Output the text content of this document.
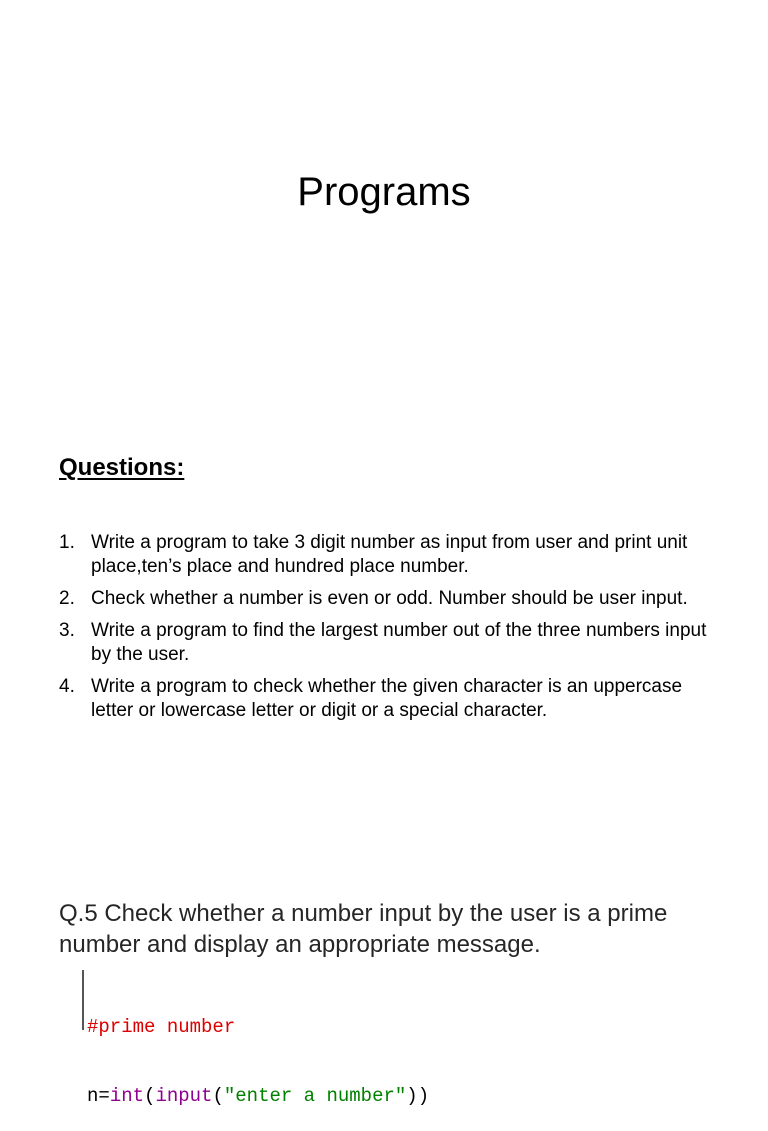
Programs
Questions:
1. Write a program to take 3 digit number as input from user and print unit place,ten’s place and hundred place number.
2. Check whether a number is even or odd. Number should be user input.
3. Write a program to find the largest number out of the three numbers input by the user.
4. Write a program to check whether the given character is an uppercase letter or lowercase letter or digit or a special character.
Q.5 Check whether a number input by the user is a prime number and display an appropriate message.

#prime number

n=int(input("enter a number"))
